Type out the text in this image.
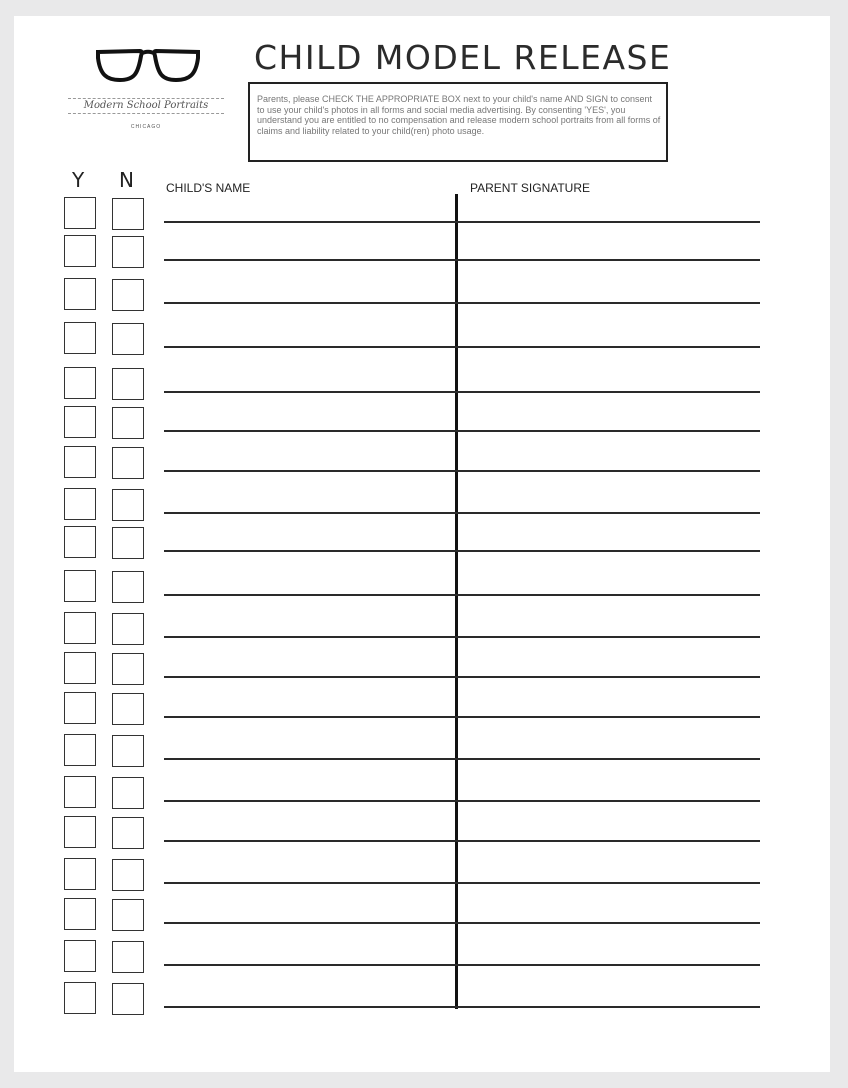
Modern School Portraits
CHICAGO
CHILD MODEL RELEASE
Parents, please CHECK THE APPROPRIATE BOX next to your child's name AND SIGN to consent to use your child's photos in all forms and social media advertising. By consenting 'YES', you understand you are entitled to no compensation and release modern school portraits from all forms of claims and liability related to your child(ren) photo usage.
Y N	CHILD'S NAME	PARENT SIGNATURE
